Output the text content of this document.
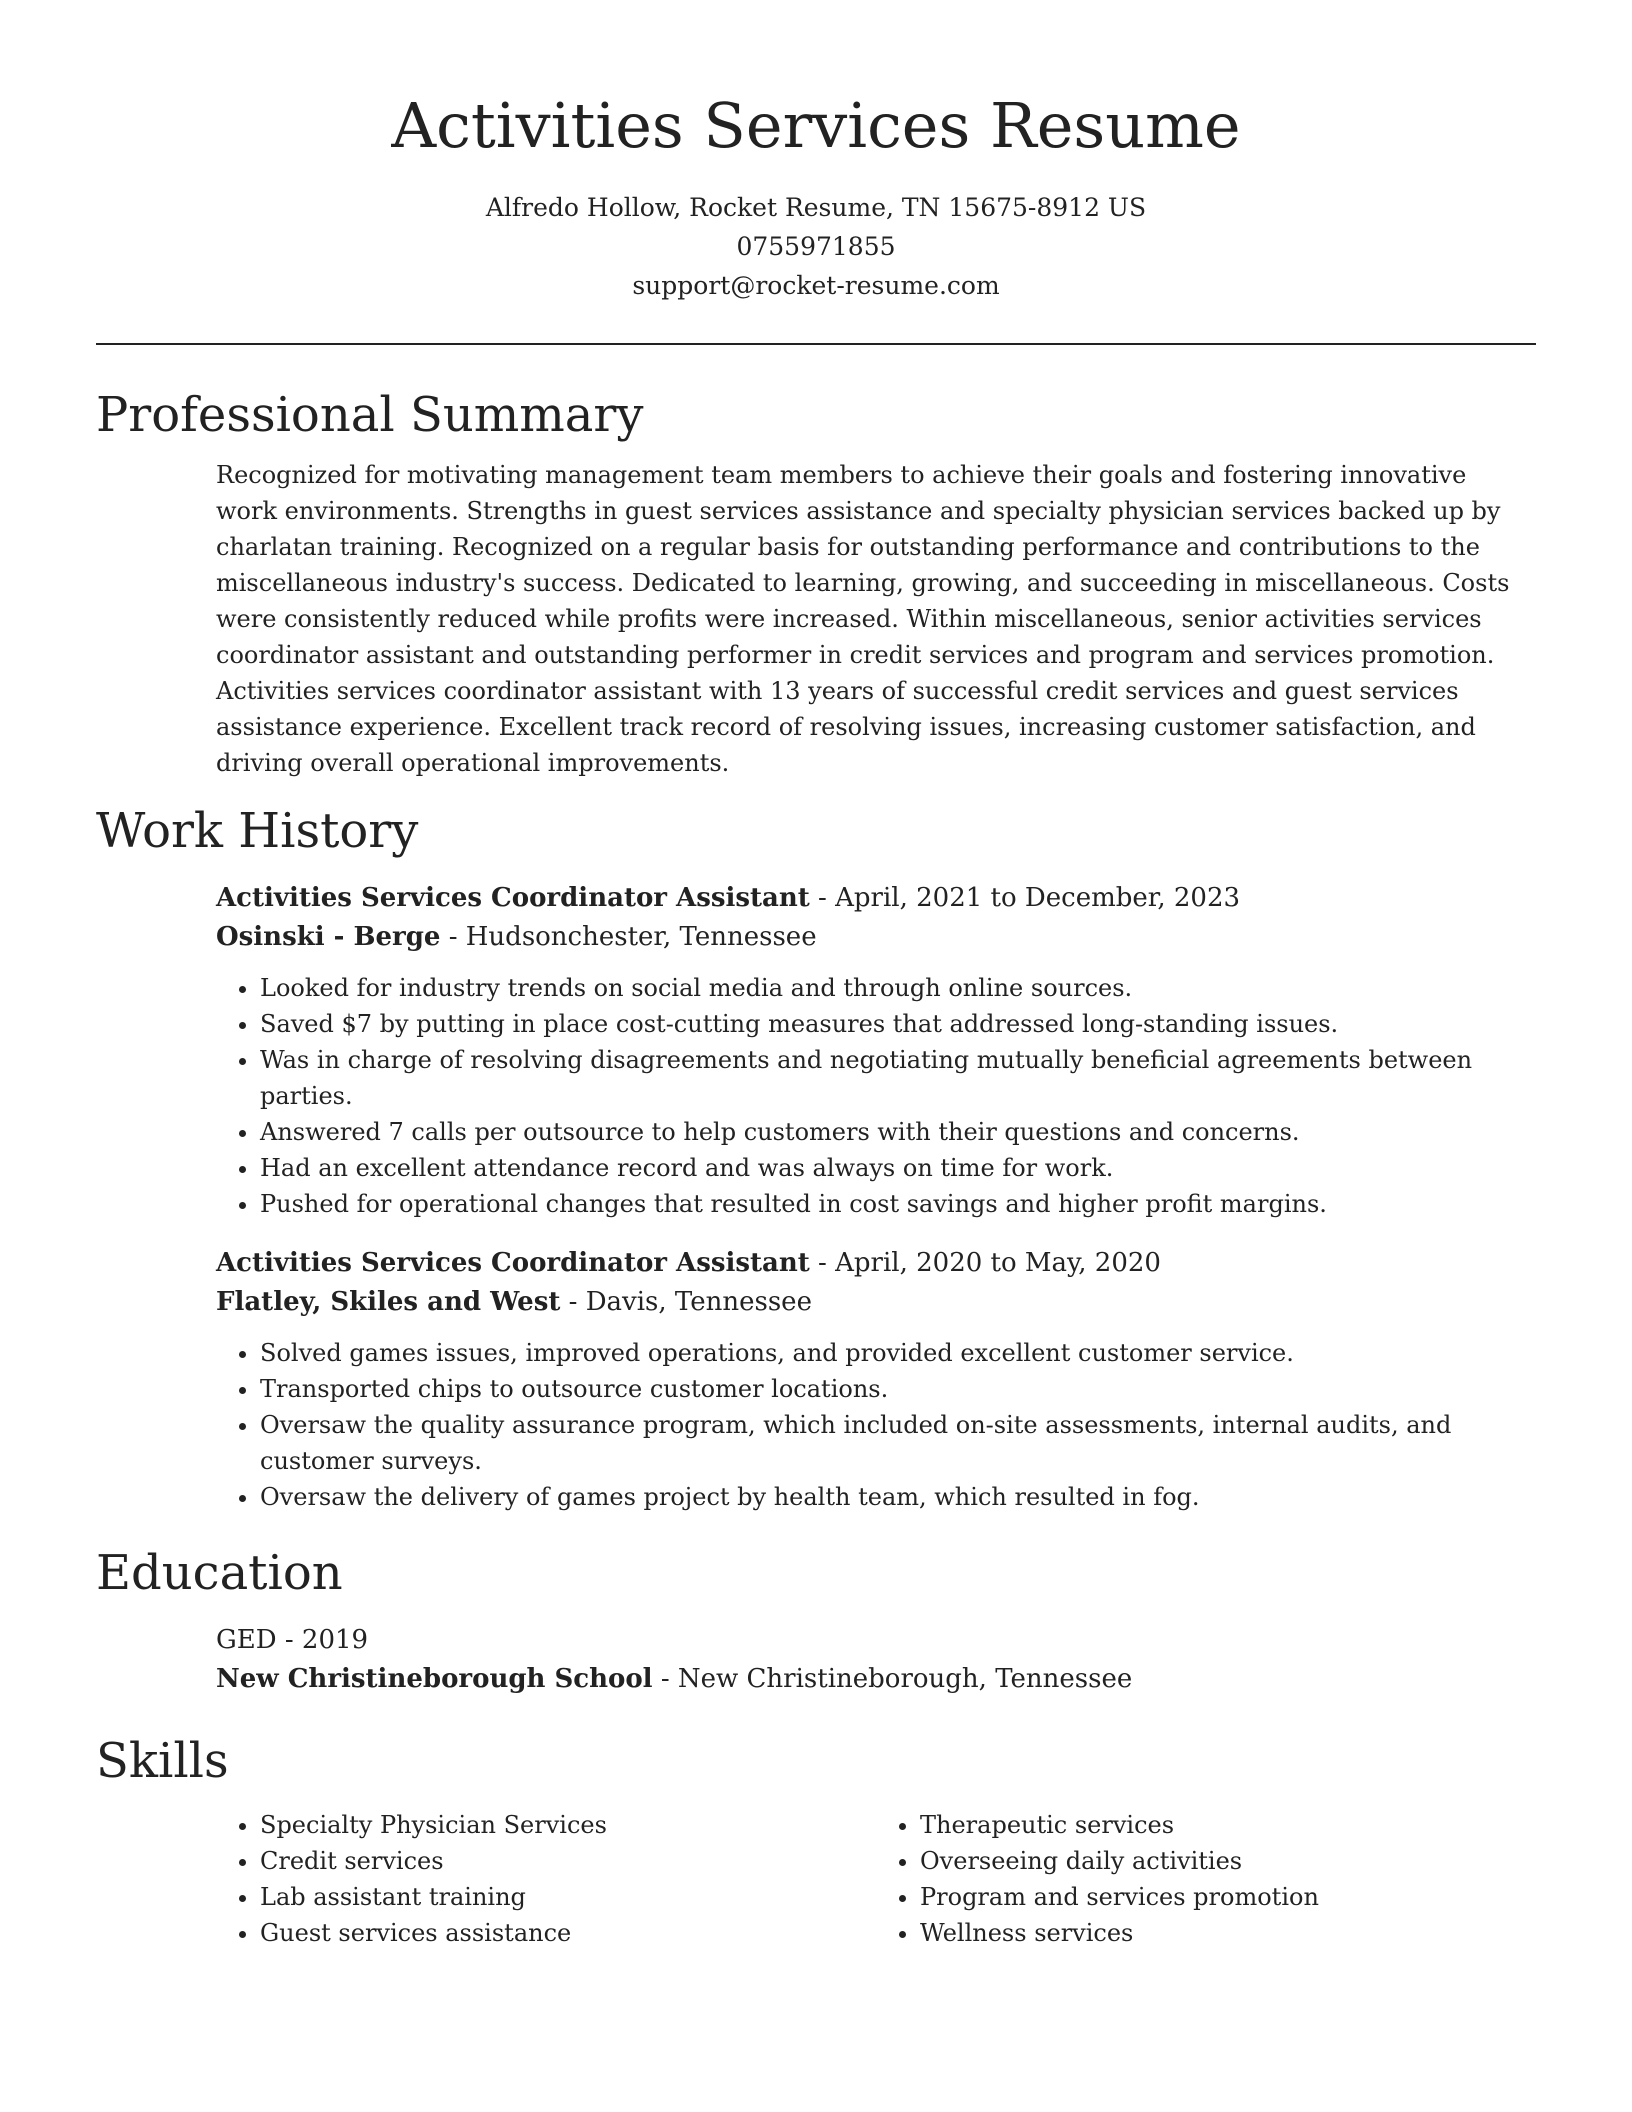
Activities Services Resume
Alfredo Hollow, Rocket Resume, TN 15675-8912 US
0755971855
support@rocket-resume.com
Professional Summary

Recognized for motivating management team members to achieve their goals and fostering innovative work environments. Strengths in guest services assistance and specialty physician services backed up by charlatan training. Recognized on a regular basis for outstanding performance and contributions to the miscellaneous industry's success. Dedicated to learning, growing, and succeeding in miscellaneous. Costs were consistently reduced while profits were increased. Within miscellaneous, senior activities services coordinator assistant and outstanding performer in credit services and program and services promotion. Activities services coordinator assistant with 13 years of successful credit services and guest services assistance experience. Excellent track record of resolving issues, increasing customer satisfaction, and driving overall operational improvements.

Work History
Activities Services Coordinator Assistant - April, 2021 to December, 2023
Osinski - Berge - Hudsonchester, Tennessee
• Looked for industry trends on social media and through online sources.
• Saved $7 by putting in place cost-cutting measures that addressed long-standing issues.
• Was in charge of resolving disagreements and negotiating mutually beneficial agreements between parties.
• Answered 7 calls per outsource to help customers with their questions and concerns.
• Had an excellent attendance record and was always on time for work.
• Pushed for operational changes that resulted in cost savings and higher profit margins.
Activities Services Coordinator Assistant - April, 2020 to May, 2020
Flatley, Skiles and West - Davis, Tennessee
• Solved games issues, improved operations, and provided excellent customer service.
• Transported chips to outsource customer locations.
• Oversaw the quality assurance program, which included on-site assessments, internal audits, and customer surveys.
• Oversaw the delivery of games project by health team, which resulted in fog.
Education
GED - 2019
New Christineborough School - New Christineborough, Tennessee
Skills
• Specialty Physician Services
• Credit services
• Lab assistant training
• Guest services assistance
• Therapeutic services
• Overseeing daily activities
• Program and services promotion
• Wellness services
